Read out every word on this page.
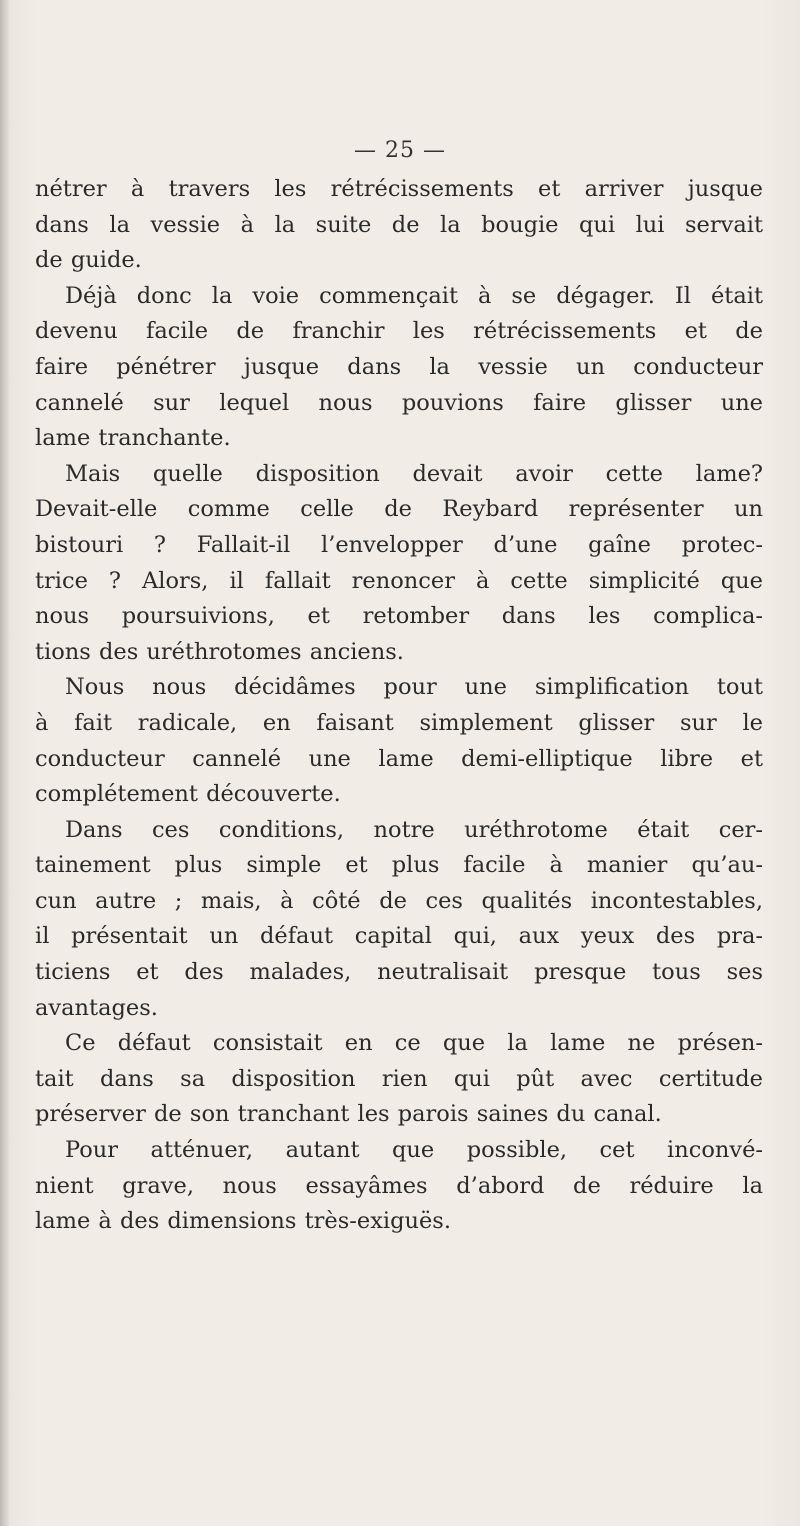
— 25 —

nétrer à travers les rétrécissements et arriver jusque
dans la vessie à la suite de la bougie qui lui servait
de guide.

Déjà donc la voie commençait à se dégager. Il était
devenu facile de franchir les rétrécissements et de
faire pénétrer jusque dans la vessie un conducteur
cannelé sur lequel nous pouvions faire glisser une
lame tranchante.

Mais quelle disposition devait avoir cette lame?
Devait-elle comme celle de Reybard représenter un
bistouri ? Fallait-il l’envelopper d’une gaîne protec-
trice ? Alors, il fallait renoncer à cette simplicité que
nous poursuivions, et retomber dans les complica-
tions des uréthrotomes anciens.

Nous nous décidâmes pour une simplification tout
à fait radicale, en faisant simplement glisser sur le
conducteur cannelé une lame demi-elliptique libre et
complétement découverte.

Dans ces conditions, notre uréthrotome était cer-
tainement plus simple et plus facile à manier qu’au-
cun autre ; mais, à côté de ces qualités incontestables,
il présentait un défaut capital qui, aux yeux des pra-
ticiens et des malades, neutralisait presque tous ses
avantages.

Ce défaut consistait en ce que la lame ne présen-
tait dans sa disposition rien qui pût avec certitude
préserver de son tranchant les parois saines du canal.

Pour atténuer, autant que possible, cet inconvé-
nient grave, nous essayâmes d’abord de réduire la
lame à des dimensions très-exiguës.
